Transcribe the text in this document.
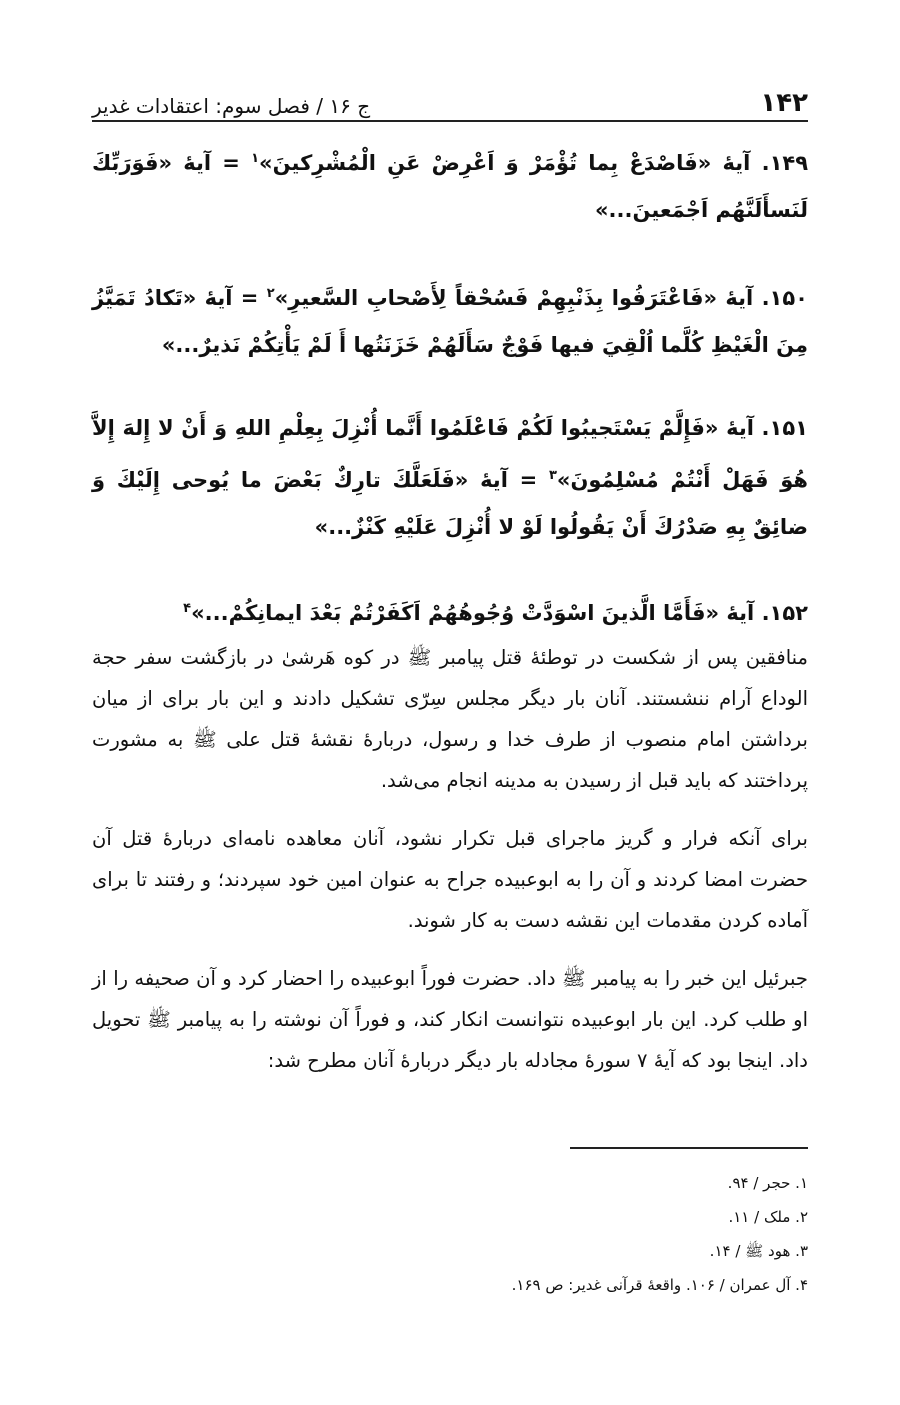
ج ۱۶ / فصل سوم: اعتقادات غدیر	۱۴۲

۱۴۹. آیهٔ «فَاصْدَعْ بِما تُؤْمَرْ وَ اَعْرِضْ عَنِ الْمُشْرِكينَ»$^۱$ = آیهٔ «فَوَرَبِّكَ لَنَسأَلَنَّهُم اَجْمَعينَ...»

۱۵۰. آیهٔ «فَاعْتَرَفُوا بِذَنْبِهِمْ فَسُحْقاً لِأَصْحابِ السَّعيرِ»$^۲$ = آیهٔ «تَكادُ تَمَيَّزُ مِنَ الْغَيْظِ كُلَّما اُلْقِيَ فيها فَوْجٌ سَأَلَهُمْ خَزَنَتُها أَ لَمْ يَأْتِكُمْ نَذيرٌ...»

۱۵۱. آیهٔ «فَإِلَّمْ يَسْتَجيبُوا لَكُمْ فَاعْلَمُوا أَنَّما أُنْزِلَ بِعِلْمِ اللهِ وَ أَنْ لا إِلهَ إِلاَّ هُوَ فَهَلْ أَنْتُمْ مُسْلِمُونَ»$^۳$ = آیهٔ «فَلَعَلَّكَ تارِكٌ بَعْضَ ما يُوحى إِلَيْكَ وَ ضائِقٌ بِهِ صَدْرُكَ أَنْ يَقُولُوا لَوْ لا أُنْزِلَ عَلَيْهِ كَنْزٌ...»

۱۵۲. آیهٔ «فَأَمَّا الَّذينَ اسْوَدَّتْ وُجُوهُهُمْ اَكَفَرْتُمْ بَعْدَ ايمانِكُمْ...»$^۴$

منافقین پس از شکست در توطئهٔ قتل پیامبر ﷺ در کوه هَرشیٰ در بازگشت سفر حجة الوداع آرام ننشستند. آنان بار دیگر مجلس سِرّی تشکیل دادند و این بار برای از میان برداشتن امام منصوب از طرف خدا و رسول، دربارهٔ نقشهٔ قتل علی ﷺ به مشورت پرداختند که باید قبل از رسیدن به مدینه انجام می‌شد.

برای آنکه فرار و گریز ماجرای قبل تکرار نشود، آنان معاهده نامه‌ای دربارهٔ قتل آن حضرت امضا کردند و آن را به ابوعبیده جراح به عنوان امین خود سپردند؛ و رفتند تا برای آماده کردن مقدمات این نقشه دست به کار شوند.

جبرئیل این خبر را به پیامبر ﷺ داد. حضرت فوراً ابوعبیده را احضار کرد و آن صحیفه را از او طلب کرد. این بار ابوعبیده نتوانست انکار کند، و فوراً آن نوشته را به پیامبر ﷺ تحویل داد. اینجا بود که آیهٔ ۷ سورهٔ مجادله بار دیگر دربارهٔ آنان مطرح شد:

۱. حجر / ۹۴.
۲. ملک / ۱۱.
۳. هود ﷺ / ۱۴.
۴. آل عمران / ۱۰۶. واقعهٔ قرآنی غدیر: ص ۱۶۹.
